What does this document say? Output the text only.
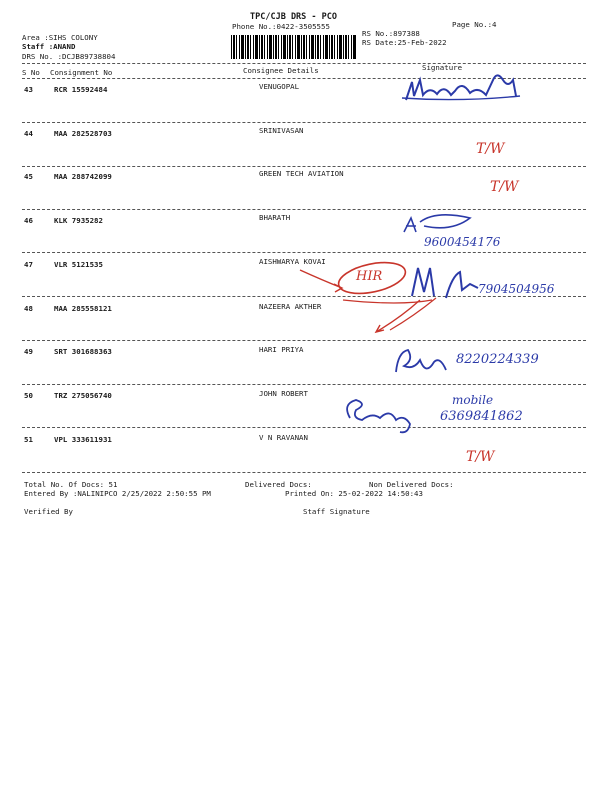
TPC/CJB DRS - PCO
Phone No.:0422-3505555	Page No.:4
Area :SIHS COLONY
Staff :ANAND
DRS No. :DCJB89738804
RS No.:897388
RS Date:25-Feb-2022
S No Consignment No	Consignee Details	Signature
43	RCR 15592484	VENUGOPAL
44	MAA 282528703	SRINIVASAN
45	MAA 288742099	GREEN TECH AVIATION
46	KLK 7935282	BHARATH
47	VLR 5121535	AISHWARYA KOVAI
48	MAA 285558121	NAZEERA AKTHER
49	SRT 301688363	HARI PRIYA
50	TRZ 275056740	JOHN ROBERT
51	VPL 333611931	V N RAVANAN
Total No. Of Docs: 51	Delivered Docs:	Non Delivered Docs:
Entered By :NALINIPCO 2/25/2022 2:50:55 PM	Printed On: 25-02-2022 14:50:43
Verified By	Staff Signature
T/W
T/W
9600454176
HIR
7904504956
8220224339
mobile
6369841862
T/W
